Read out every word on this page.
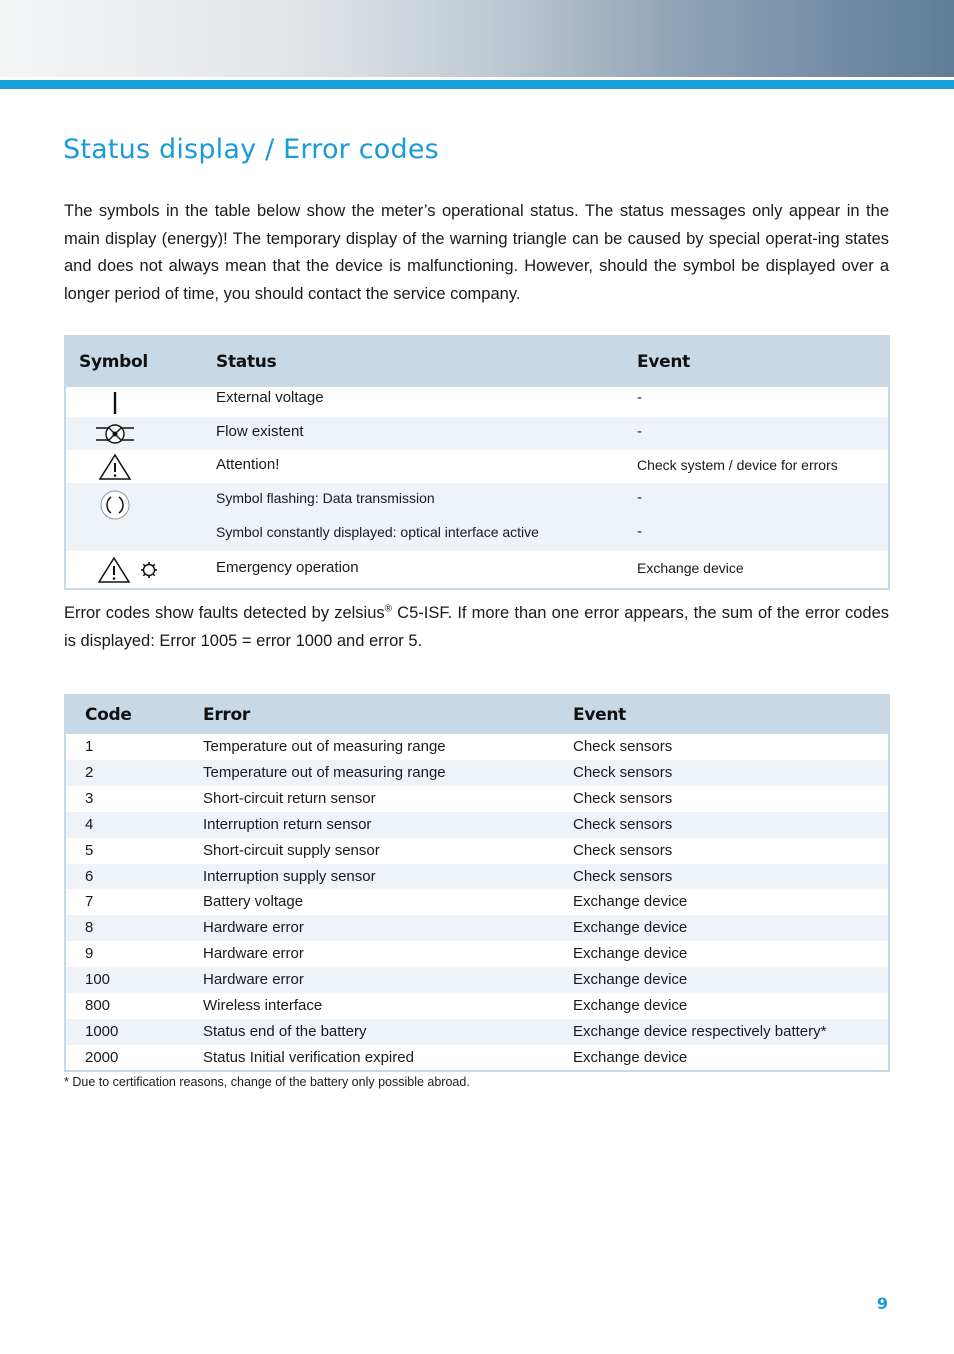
Status display / Error codes

The symbols in the table below show the meter’s operational status. The status messages only appear in the main display (energy)! The temporary display of the warning triangle can be caused by special operat-ing states and does not always mean that the device is malfunctioning. However, should the symbol be displayed over a longer period of time, you should contact the service company.

Symbol	Status	Event
External voltage	-
Flow existent	-
Attention!	Check system / device for errors
Symbol flashing: Data transmission	-
Symbol constantly displayed: optical interface active	-
Emergency operation	Exchange device

Error codes show faults detected by zelsius® C5-ISF. If more than one error appears, the sum of the error codes is displayed: Error 1005 = error 1000 and error 5.

Code	Error	Event
1	Temperature out of measuring range	Check sensors
2	Temperature out of measuring range	Check sensors
3	Short-circuit return sensor	Check sensors
4	Interruption return sensor	Check sensors
5	Short-circuit supply sensor	Check sensors
6	Interruption supply sensor	Check sensors
7	Battery voltage	Exchange device
8	Hardware error	Exchange device
9	Hardware error	Exchange device
100	Hardware error	Exchange device
800	Wireless interface	Exchange device
1000	Status end of the battery	Exchange device respectively battery*
2000	Status Initial verification expired	Exchange device

* Due to certification reasons, change of the battery only possible abroad.

9
